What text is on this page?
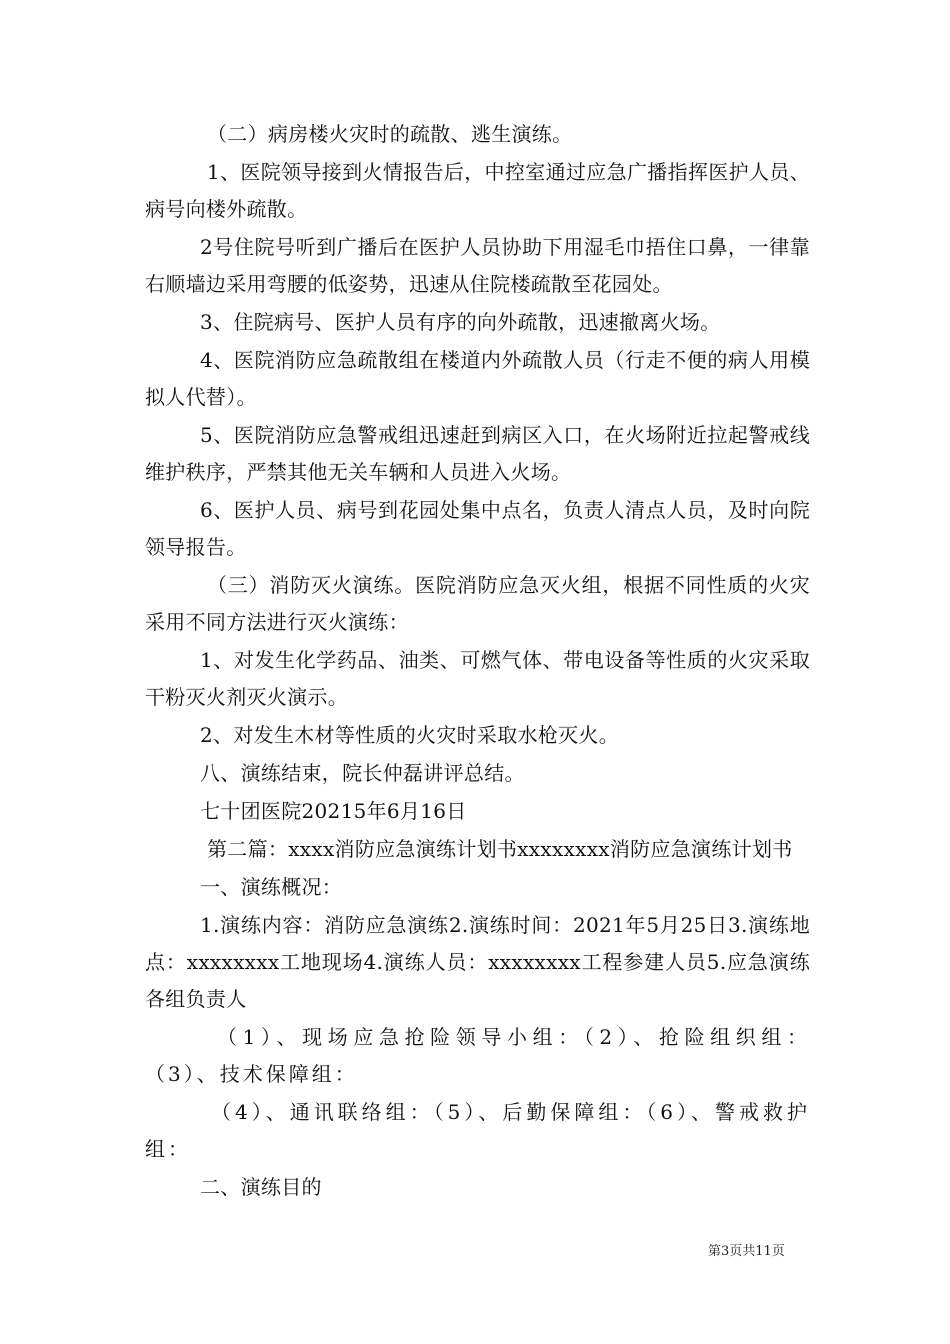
（二）病房楼火灾时的疏散、逃生演练。

1、医院领导接到火情报告后，中控室通过应急广播指挥医护人员、病号向楼外疏散。

2号住院号听到广播后在医护人员协助下用湿毛巾捂住口鼻，一律靠右顺墙边采用弯腰的低姿势，迅速从住院楼疏散至花园处。

3、住院病号、医护人员有序的向外疏散，迅速撤离火场。

4、医院消防应急疏散组在楼道内外疏散人员（行走不便的病人用模拟人代替）。

5、医院消防应急警戒组迅速赶到病区入口，在火场附近拉起警戒线维护秩序，严禁其他无关车辆和人员进入火场。

6、医护人员、病号到花园处集中点名，负责人清点人员，及时向院领导报告。

（三）消防灭火演练。医院消防应急灭火组，根据不同性质的火灾采用不同方法进行灭火演练：

1、对发生化学药品、油类、可燃气体、带电设备等性质的火灾采取干粉灭火剂灭火演示。

2、对发生木材等性质的火灾时采取水枪灭火。

八、演练结束，院长仲磊讲评总结。

七十团医院20215年6月16日

第二篇：xxxx消防应急演练计划书xxxxxxxx消防应急演练计划书

一、演练概况：

1.演练内容：消防应急演练2.演练时间：2021年5月25日3.演练地点：xxxxxxxx工地现场4.演练人员：xxxxxxxx工程参建人员5.应急演练各组负责人

（1）、现场应急抢险领导小组：（2）、抢险组织组：（3）、技术保障组：

（4）、通讯联络组：（5）、后勤保障组：（6）、警戒救护组：

二、演练目的

第3页共11页
